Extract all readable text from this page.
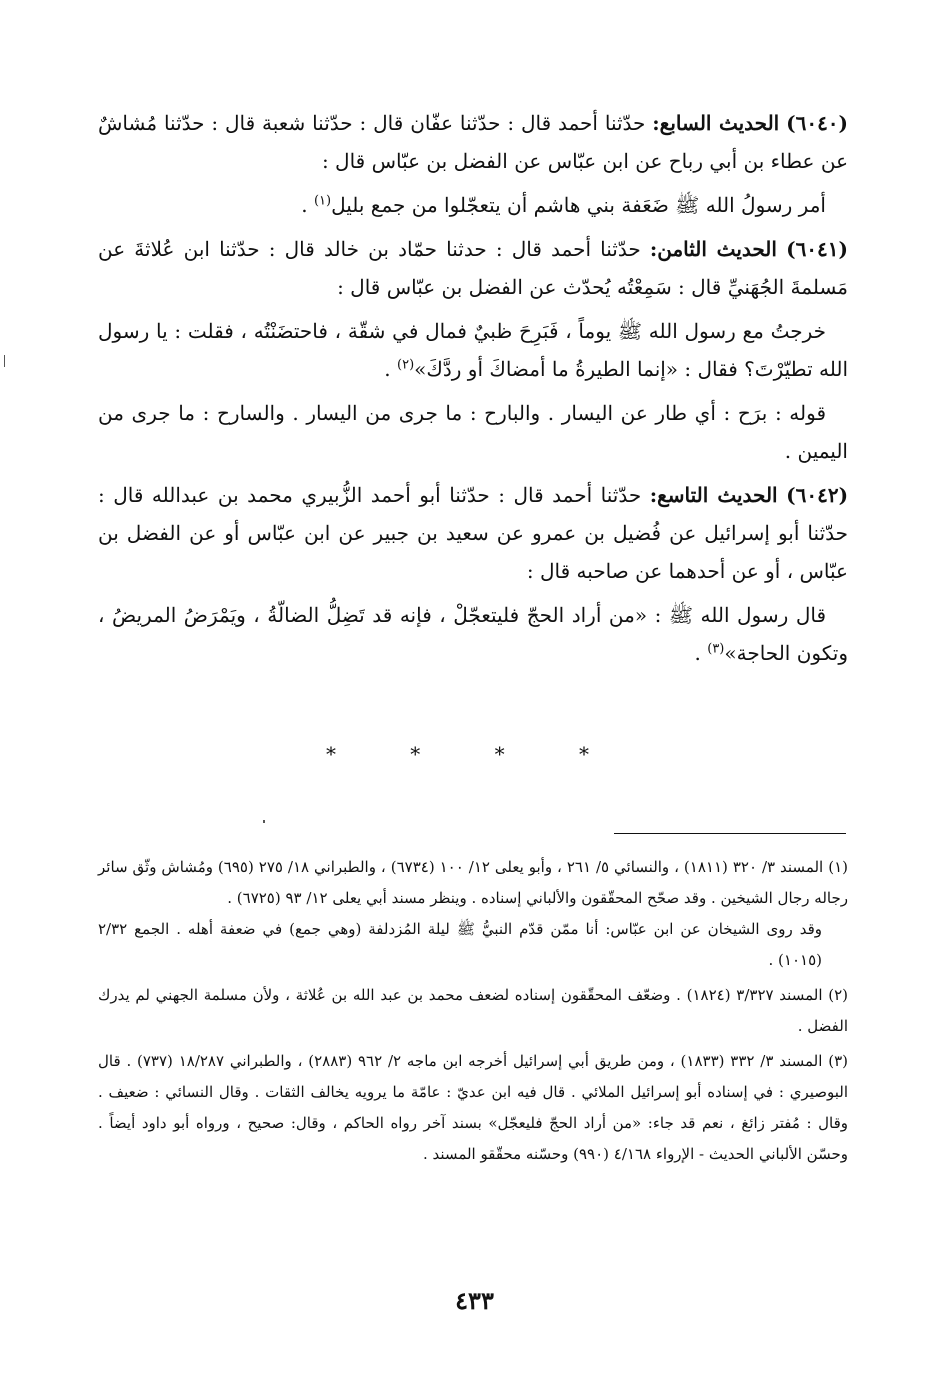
(٦٠٤٠) الحديث السابع: حدّثنا أحمد قال : حدّثنا عفّان قال : حدّثنا شعبة قال : حدّثنا مُشاشٌ عن عطاء بن أبي رباح عن ابن عبّاس عن الفضل بن عبّاس قال :

أمر رسولُ الله ﷺ ضَعَفة بني هاشم أن يتعجّلوا من جمع بليل$^{(١)}$ .

(٦٠٤١) الحديث الثامن: حدّثنا أحمد قال : حدثنا حمّاد بن خالد قال : حدّثنا ابن عُلاثةَ عن مَسلمةَ الجُهَنيِّ قال : سَمِعْتُه يُحدّث عن الفضل بن عبّاس قال :

خرجتُ مع رسول الله ﷺ يوماً ، فَبَرِحَ ظبيٌ فمال في شقّة ، فاحتضَنْتُه ، فقلت : يا رسول الله تطيّرْتَ؟ فقال : «إنما الطيرةُ ما أمضاكَ أو ردَّكَ»$^{(٢)}$ .

قوله : برَح : أي طار عن اليسار . والبارح : ما جرى من اليسار . والسارح : ما جرى من اليمين .

(٦٠٤٢) الحديث التاسع: حدّثنا أحمد قال : حدّثنا أبو أحمد الزُّبيري محمد بن عبدالله قال : حدّثنا أبو إسرائيل عن فُضيل بن عمرو عن سعيد بن جبير عن ابن عبّاس أو عن الفضل بن عبّاس ، أو عن أحدهما عن صاحبه قال :

قال رسول الله ﷺ : «من أراد الحجّ فليتعجّلْ ، فإنه قد تَضِلُّ الضالّةُ ، ويَمْرَضُ المريضُ ، وتكون الحاجة»$^{(٣)}$ .

* * * *

(١) المسند ٣/ ٣٢٠ (١٨١١) ، والنسائي ٥/ ٢٦١ ، وأبو يعلى ١٢/ ١٠٠ (٦٧٣٤) ، والطبراني ١٨/ ٢٧٥ (٦٩٥) ومُشاش وثّق سائر رجاله رجال الشيخين . وقد صحّح المحقّقون والألباني إسناده . وينظر مسند أبي يعلى ١٢/ ٩٣ (٦٧٢٥) .
وقد روى الشيخان عن ابن عبّاس: أنا ممّن قدّم النبيُّ ﷺ ليلة المُزدلفة (وهي جمع) في ضعفة أهله . الجمع ٢/٣٢ (١٠١٥) .

(٢) المسند ٣/٣٢٧ (١٨٢٤) . وضعّف المحقّقون إسناده لضعف محمد بن عبد الله بن عُلاثة ، ولأن مسلمة الجهني لم يدرك الفضل .

(٣) المسند ٣/ ٣٣٢ (١٨٣٣) ، ومن طريق أبي إسرائيل أخرجه ابن ماجه ٢/ ٩٦٢ (٢٨٨٣) ، والطبراني ١٨/٢٨٧ (٧٣٧) . قال البوصيري : في إسناده أبو إسرائيل الملائي . قال فيه ابن عديّ : عامّة ما يرويه يخالف الثقات . وقال النسائي : ضعيف . وقال : مُفتر زائغ ، نعم قد جاء: «من أراد الحجّ فليعجّل» بسند آخر رواه الحاكم ، وقال: صحيح ، ورواه أبو داود أيضاً . وحسّن الألباني الحديث - الإرواء ٤/١٦٨ (٩٩٠) وحسّنه محقّقو المسند .

٤٣٣
